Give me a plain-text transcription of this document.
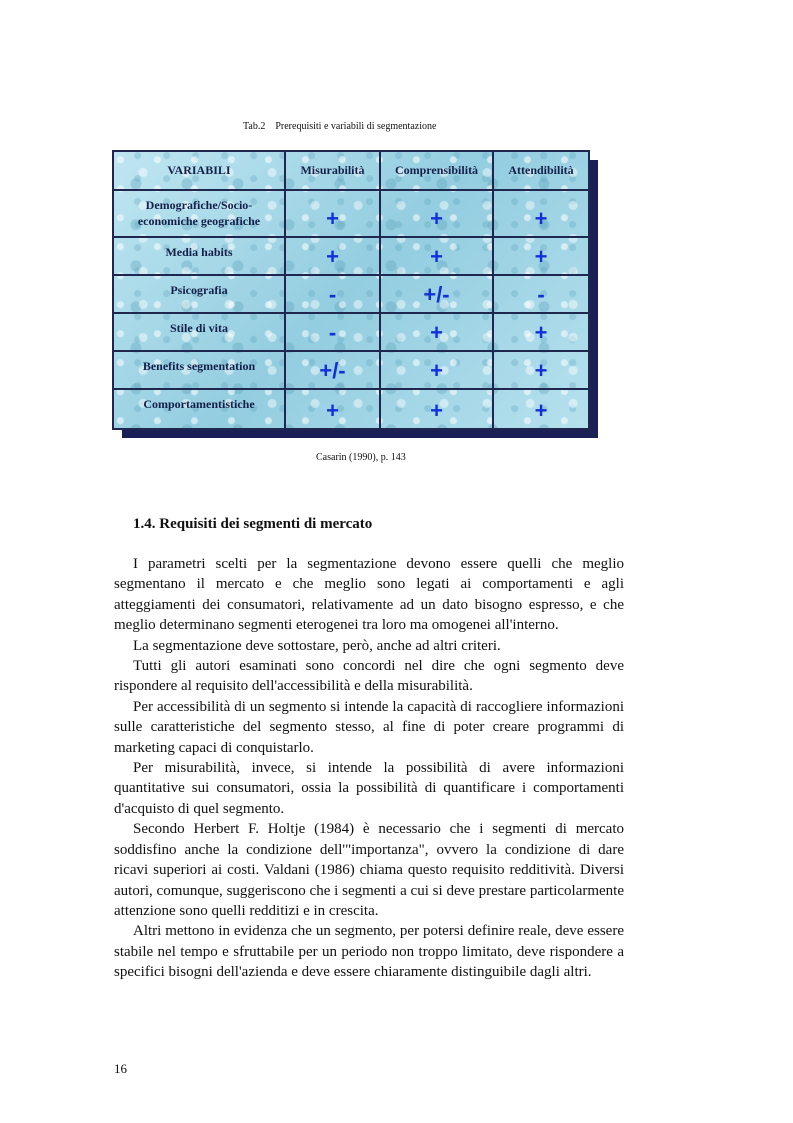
Tab.2    Prerequisiti e variabili di segmentazione
VARIABILI	Misurabilità	Comprensibilità	Attendibilità
Demografiche/Socio-economiche geografiche	+	+	+
Media habits	+	+	+
Psicografia	-	+/-	-
Stile di vita	-	+	+
Benefits segmentation	+/-	+	+
Comportamentistiche	+	+	+
Casarin (1990), p. 143
1.4. Requisiti dei segmenti di mercato

I parametri scelti per la segmentazione devono essere quelli che meglio segmentano il mercato e che meglio sono legati ai comportamenti e agli atteggiamenti dei consumatori, relativamente ad un dato bisogno espresso, e che meglio determinano segmenti eterogenei tra loro ma omogenei all'interno.

La segmentazione deve sottostare, però, anche ad altri criteri.

Tutti gli autori esaminati sono concordi nel dire che ogni segmento deve rispondere al requisito dell'accessibilità e della misurabilità.

Per accessibilità di un segmento si intende la capacità di raccogliere informazioni sulle caratteristiche del segmento stesso, al fine di poter creare programmi di marketing capaci di conquistarlo.

Per misurabilità, invece, si intende la possibilità di avere informazioni quantitative sui consumatori, ossia la possibilità di quantificare i comportamenti d'acquisto di quel segmento.

Secondo Herbert F. Holtje (1984) è necessario che i segmenti di mercato soddisfino anche la condizione dell'"importanza", ovvero la condizione di dare ricavi superiori ai costi. Valdani (1986) chiama questo requisito redditività. Diversi autori, comunque, suggeriscono che i segmenti a cui si deve prestare particolarmente attenzione sono quelli redditizi e in crescita.

Altri mettono in evidenza che un segmento, per potersi definire reale, deve essere stabile nel tempo e sfruttabile per un periodo non troppo limitato, deve rispondere a specifici bisogni dell'azienda e deve essere chiaramente distinguibile dagli altri.

16
